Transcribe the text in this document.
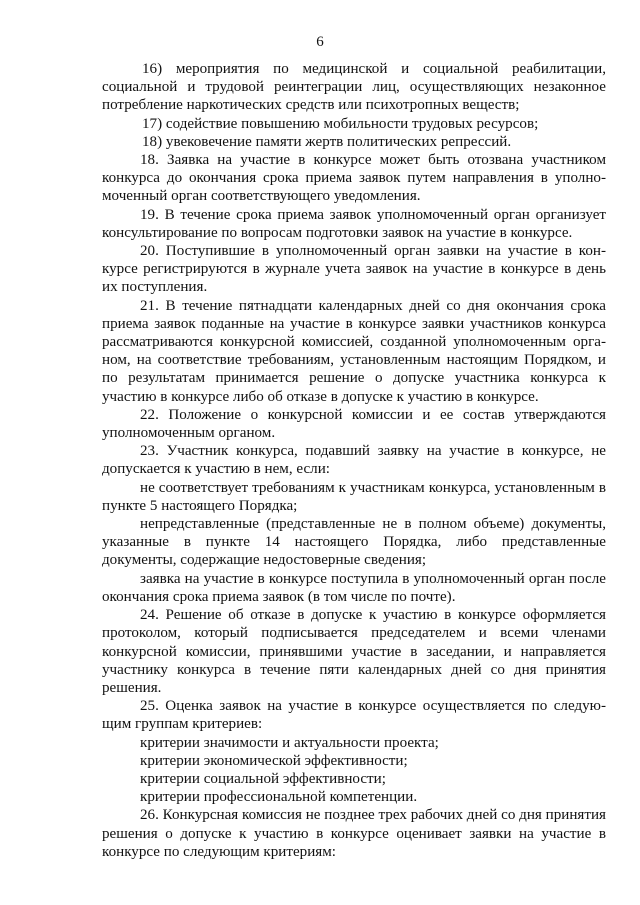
6

16) мероприятия по медицинской и социальной реабилитации, социальной и трудовой реинтеграции лиц, осуществляющих незаконное потребление наркотических средств или психотропных веществ;

17) содействие повышению мобильности трудовых ресурсов;

18) увековечение памяти жертв политических репрессий.

18. Заявка на участие в конкурсе может быть отозвана участником конкурса до окончания срока приема заявок путем направления в уполномоченный орган соответствующего уведомления.

19. В течение срока приема заявок уполномоченный орган организует консультирование по вопросам подготовки заявок на участие в конкурсе.

20. Поступившие в уполномоченный орган заявки на участие в конкурсе регистрируются в журнале учета заявок на участие в конкурсе в день их поступления.

21. В течение пятнадцати календарных дней со дня окончания срока приема заявок поданные на участие в конкурсе заявки участников конкурса рассматриваются конкурсной комиссией, созданной уполномоченным органом, на соответствие требованиям, установленным настоящим Порядком, и по результатам принимается решение о допуске участника конкурса к участию в конкурсе либо об отказе в допуске к участию в конкурсе.

22. Положение о конкурсной комиссии и ее состав утверждаются уполномоченным органом.

23. Участник конкурса, подавший заявку на участие в конкурсе, не допускается к участию в нем, если:

не соответствует требованиям к участникам конкурса, установленным в пункте 5 настоящего Порядка;

непредставленные (представленные не в полном объеме) документы, указанные в пункте 14 настоящего Порядка, либо представленные документы, содержащие недостоверные сведения;

заявка на участие в конкурсе поступила в уполномоченный орган после окончания срока приема заявок (в том числе по почте).

24. Решение об отказе в допуске к участию в конкурсе оформляется протоколом, который подписывается председателем и всеми членами конкурсной комиссии, принявшими участие в заседании, и направляется участнику конкурса в течение пяти календарных дней со дня принятия решения.

25. Оценка заявок на участие в конкурсе осуществляется по следующим группам критериев:

критерии значимости и актуальности проекта;

критерии экономической эффективности;

критерии социальной эффективности;

критерии профессиональной компетенции.

26. Конкурсная комиссия не позднее трех рабочих дней со дня принятия решения о допуске к участию в конкурсе оценивает заявки на участие в конкурсе по следующим критериям:
